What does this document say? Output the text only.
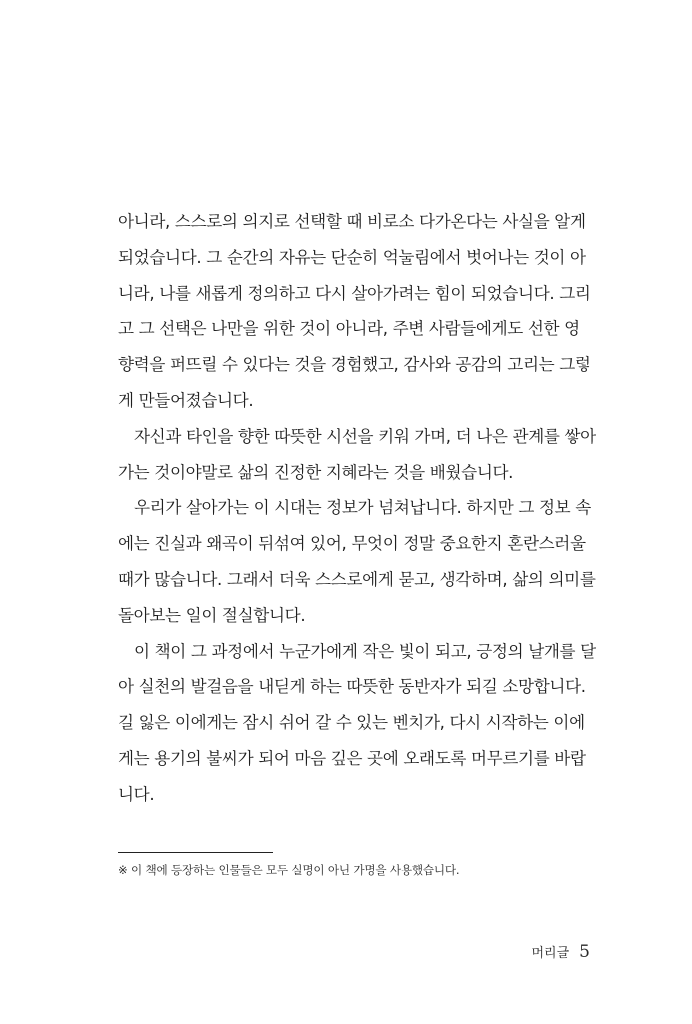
아니라, 스스로의 의지로 선택할 때 비로소 다가온다는 사실을 알게
되었습니다. 그 순간의 자유는 단순히 억눌림에서 벗어나는 것이 아
니라, 나를 새롭게 정의하고 다시 살아가려는 힘이 되었습니다. 그리
고 그 선택은 나만을 위한 것이 아니라, 주변 사람들에게도 선한 영
향력을 퍼뜨릴 수 있다는 것을 경험했고, 감사와 공감의 고리는 그렇
게 만들어졌습니다.
자신과 타인을 향한 따뜻한 시선을 키워 가며, 더 나은 관계를 쌓아
가는 것이야말로 삶의 진정한 지혜라는 것을 배웠습니다.
우리가 살아가는 이 시대는 정보가 넘쳐납니다. 하지만 그 정보 속
에는 진실과 왜곡이 뒤섞여 있어, 무엇이 정말 중요한지 혼란스러울
때가 많습니다. 그래서 더욱 스스로에게 묻고, 생각하며, 삶의 의미를
돌아보는 일이 절실합니다.
이 책이 그 과정에서 누군가에게 작은 빛이 되고, 긍정의 날개를 달
아 실천의 발걸음을 내딛게 하는 따뜻한 동반자가 되길 소망합니다.
길 잃은 이에게는 잠시 쉬어 갈 수 있는 벤치가, 다시 시작하는 이에
게는 용기의 불씨가 되어 마음 깊은 곳에 오래도록 머무르기를 바랍
니다.
※ 이 책에 등장하는 인물들은 모두 실명이 아닌 가명을 사용했습니다.
머리글 5
